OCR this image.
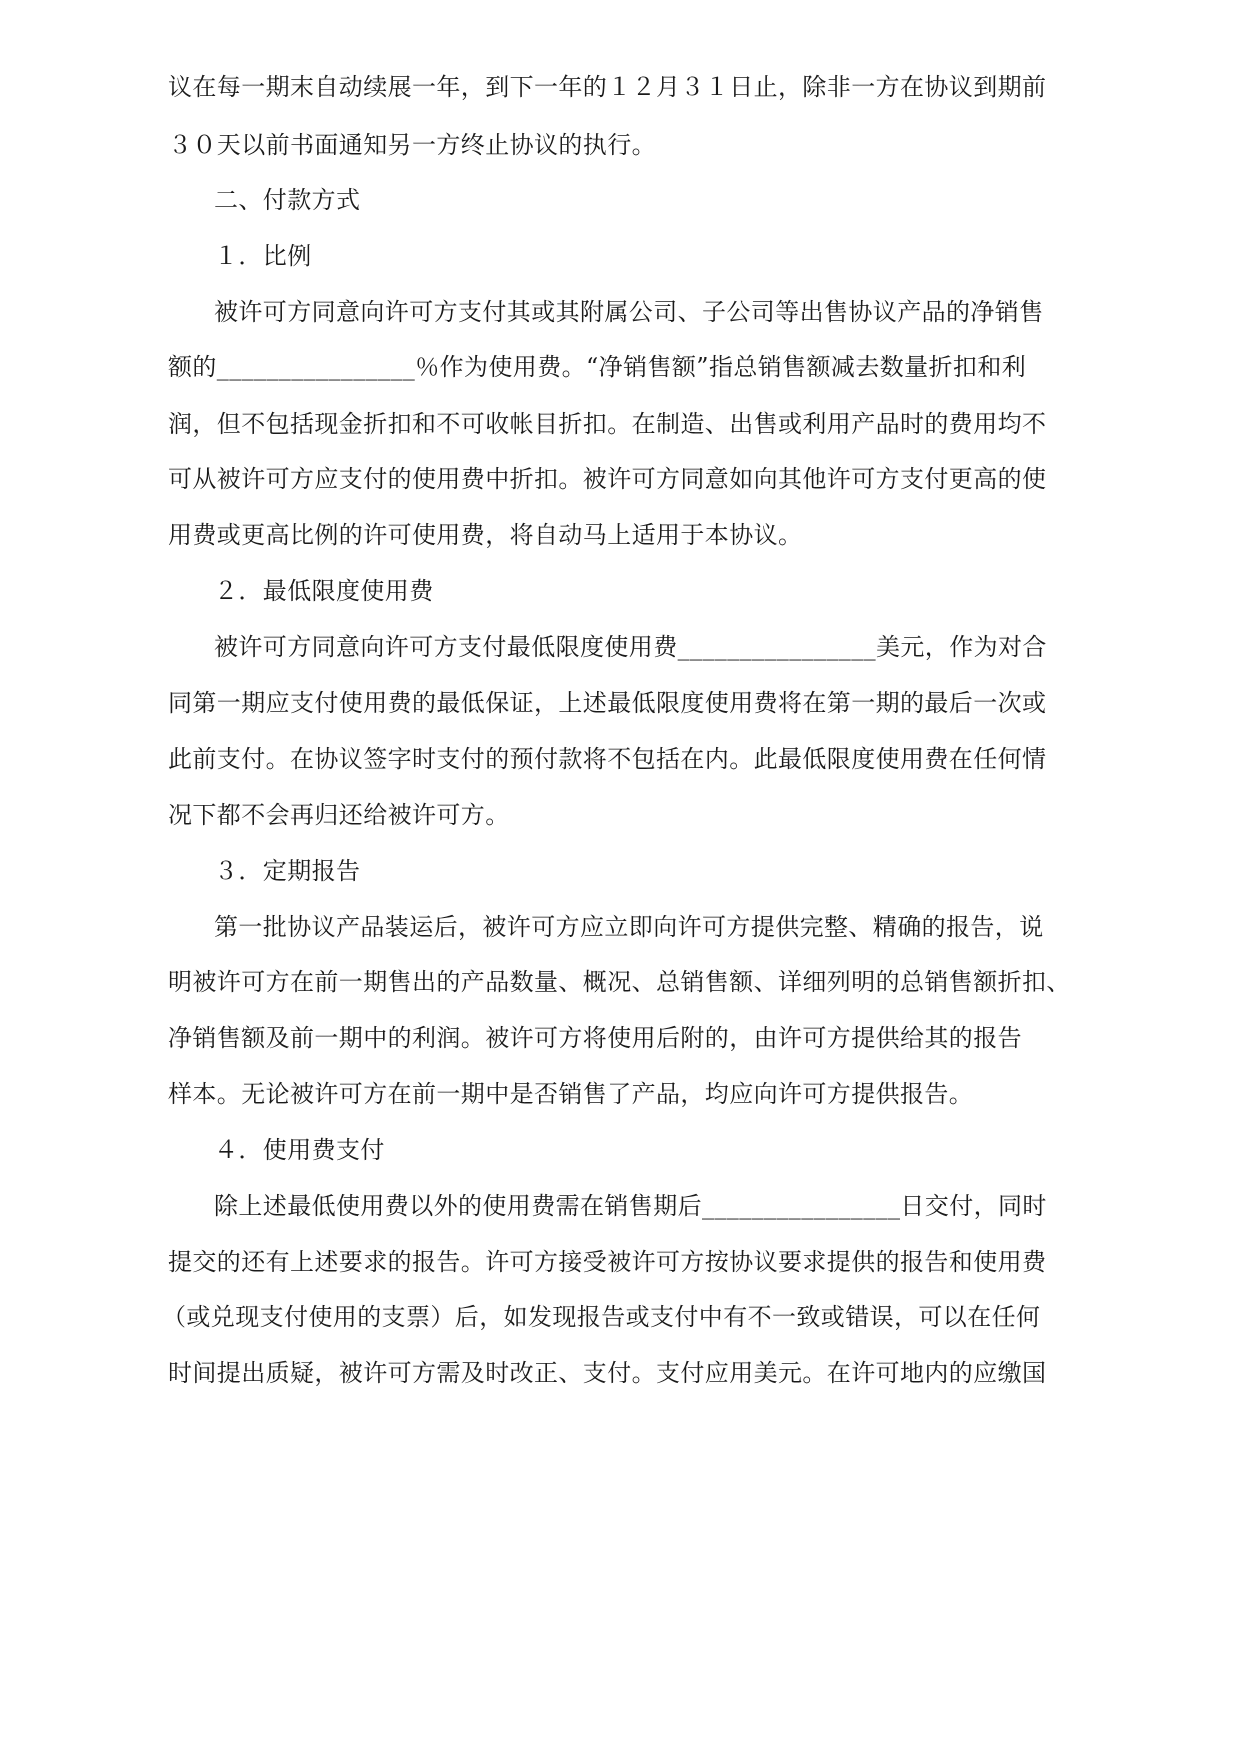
议在每一期末自动续展一年，到下一年的１２月３１日止，除非一方在协议到期前
３０天以前书面通知另一方终止协议的执行。
二、付款方式
１．比例
被许可方同意向许可方支付其或其附属公司、子公司等出售协议产品的净销售
额的________________％作为使用费。“净销售额”指总销售额减去数量折扣和利
润，但不包括现金折扣和不可收帐目折扣。在制造、出售或利用产品时的费用均不
可从被许可方应支付的使用费中折扣。被许可方同意如向其他许可方支付更高的使
用费或更高比例的许可使用费，将自动马上适用于本协议。
２．最低限度使用费
被许可方同意向许可方支付最低限度使用费________________美元，作为对合
同第一期应支付使用费的最低保证，上述最低限度使用费将在第一期的最后一次或
此前支付。在协议签字时支付的预付款将不包括在内。此最低限度使用费在任何情
况下都不会再归还给被许可方。
３．定期报告
第一批协议产品装运后，被许可方应立即向许可方提供完整、精确的报告，说
明被许可方在前一期售出的产品数量、概况、总销售额、详细列明的总销售额折扣、
净销售额及前一期中的利润。被许可方将使用后附的，由许可方提供给其的报告
样本。无论被许可方在前一期中是否销售了产品，均应向许可方提供报告。
４．使用费支付
除上述最低使用费以外的使用费需在销售期后________________日交付，同时
提交的还有上述要求的报告。许可方接受被许可方按协议要求提供的报告和使用费
（或兑现支付使用的支票）后，如发现报告或支付中有不一致或错误，可以在任何
时间提出质疑，被许可方需及时改正、支付。支付应用美元。在许可地内的应缴国
